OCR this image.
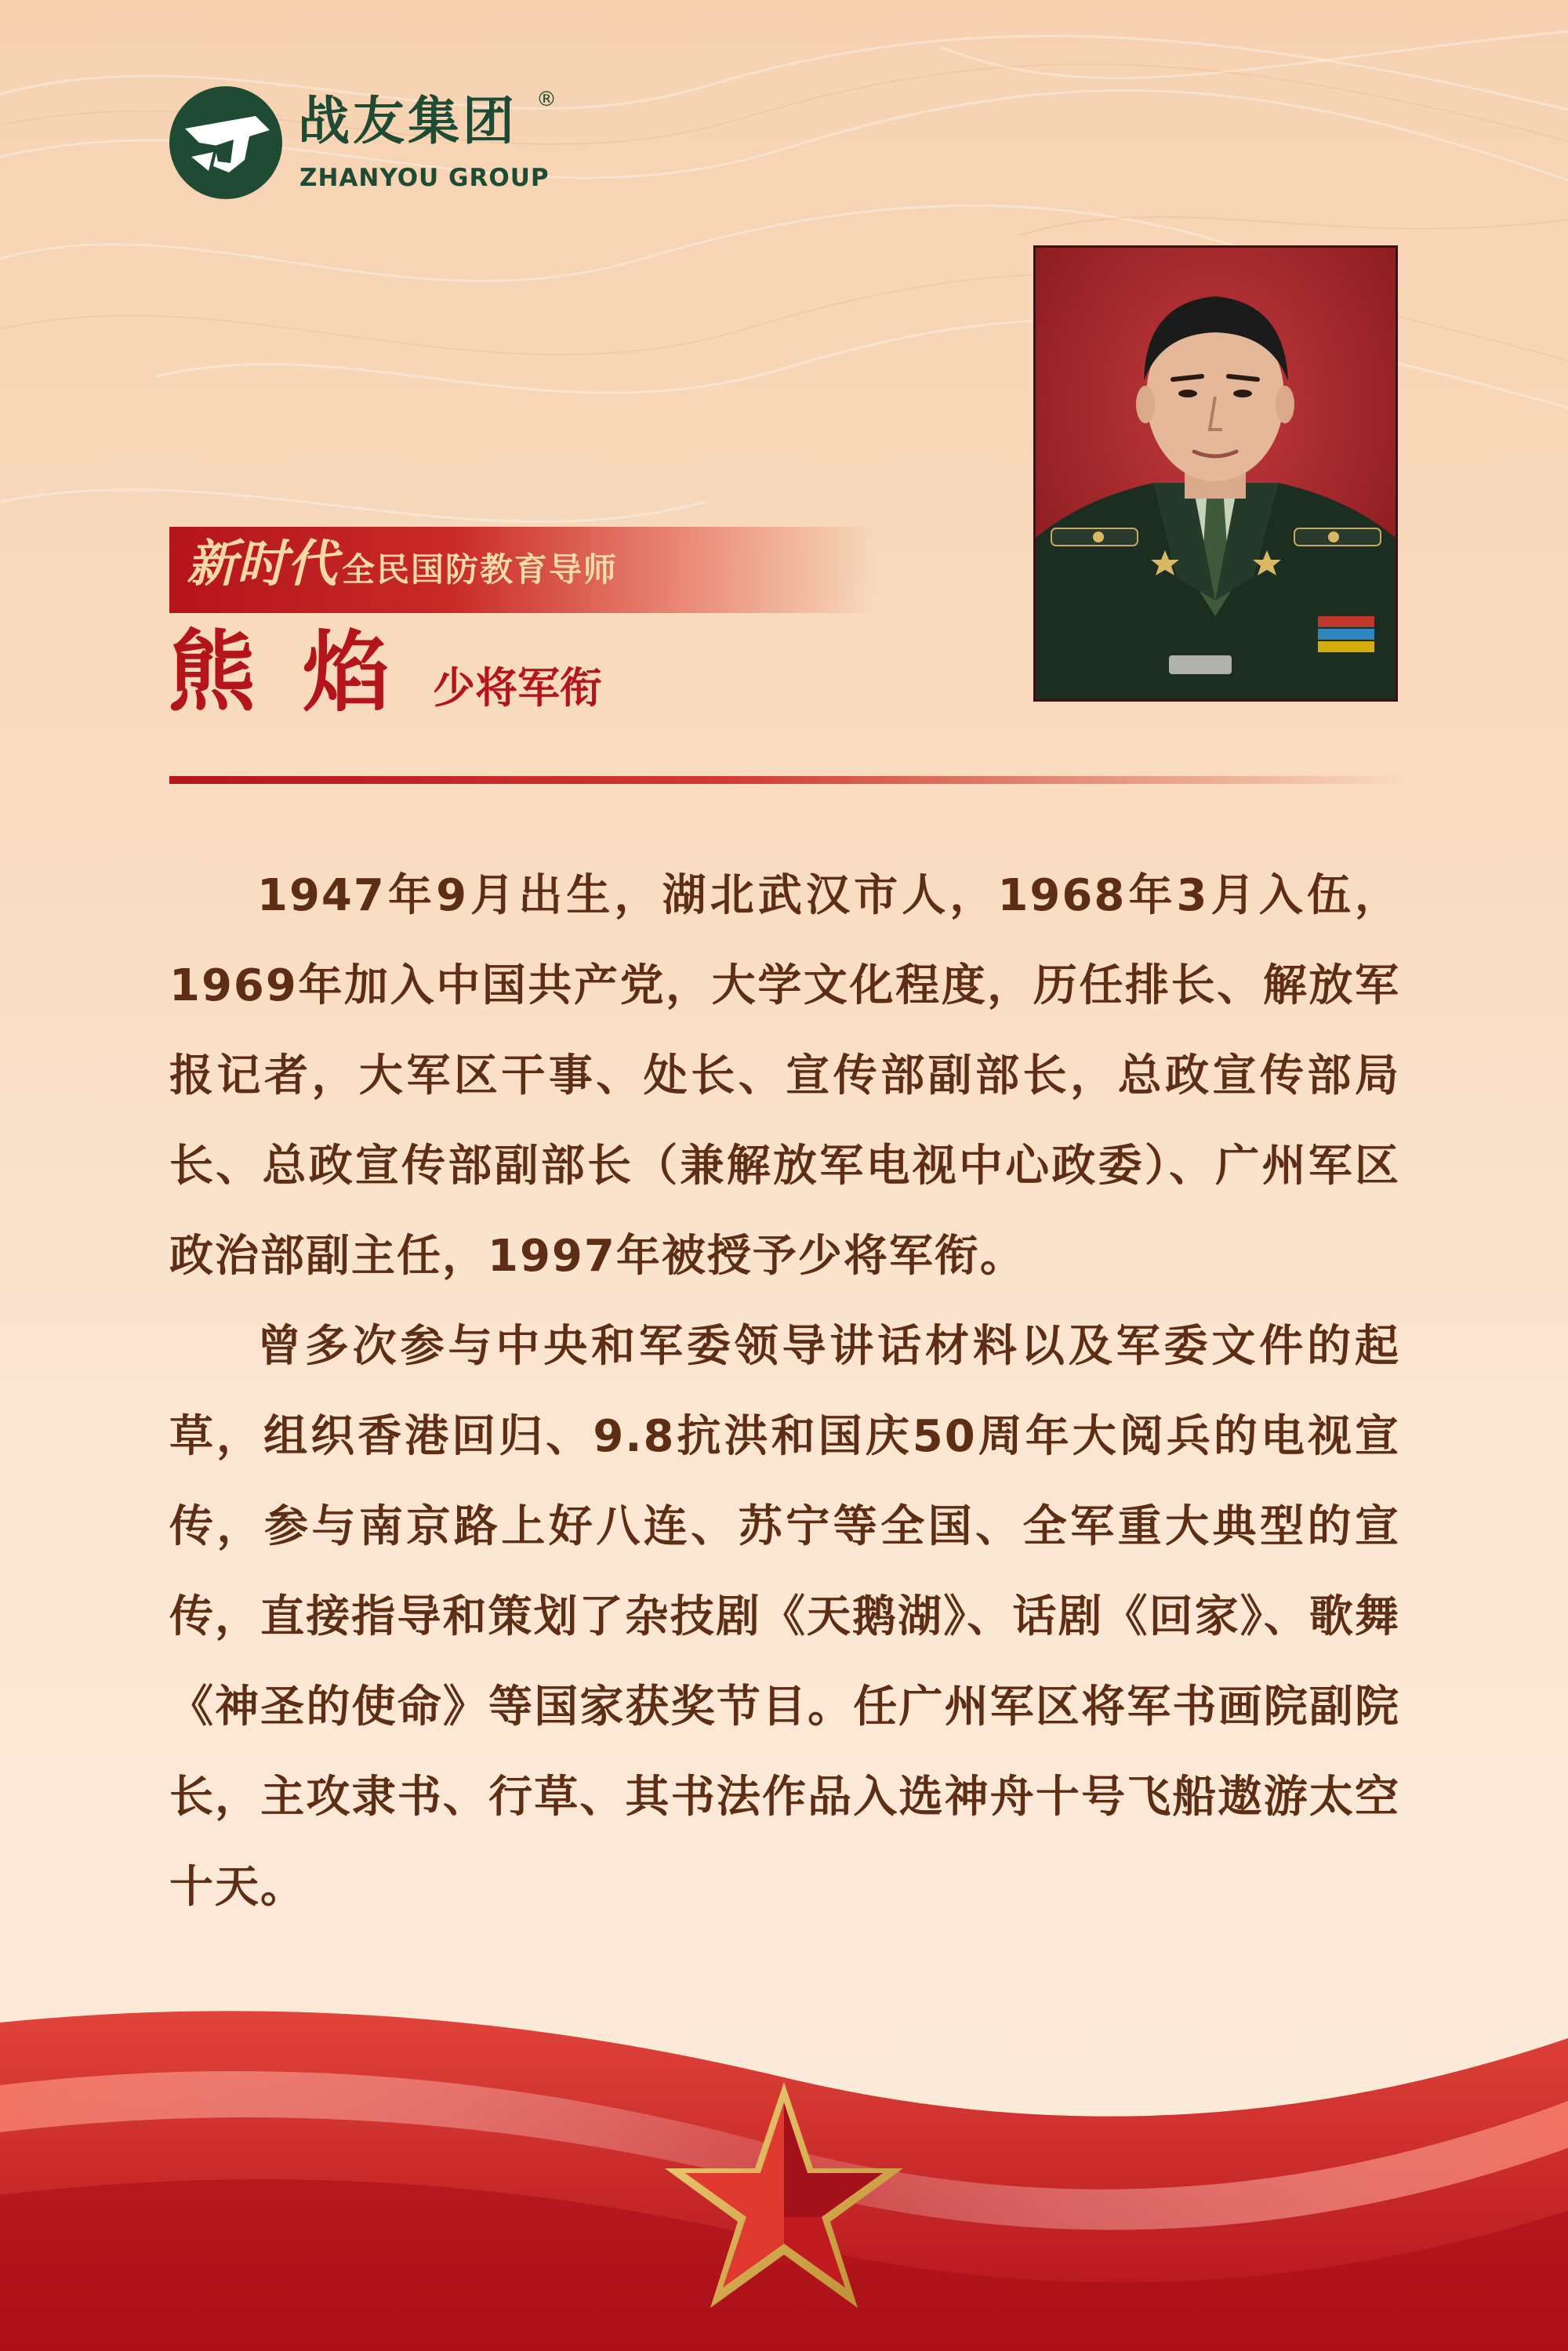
战友集团 ®
ZHANYOU GROUP
新时代 全民国防教育导师
熊焰
少将军衔

1947年9月出生，湖北武汉市人，1968年3月入伍，1969年加入中国共产党，大学文化程度，历任排长、解放军报记者，大军区干事、处长、宣传部副部长，总政宣传部局长、总政宣传部副部长（兼解放军电视中心政委）、广州军区政治部副主任，1997年被授予少将军衔。

曾多次参与中央和军委领导讲话材料以及军委文件的起草，组织香港回归、9.8抗洪和国庆50周年大阅兵的电视宣传，参与南京路上好八连、苏宁等全国、全军重大典型的宣传，直接指导和策划了杂技剧《天鹅湖》、话剧《回家》、歌舞《神圣的使命》等国家获奖节目。任广州军区将军书画院副院长，主攻隶书、行草、其书法作品入选神舟十号飞船遨游太空十天。
